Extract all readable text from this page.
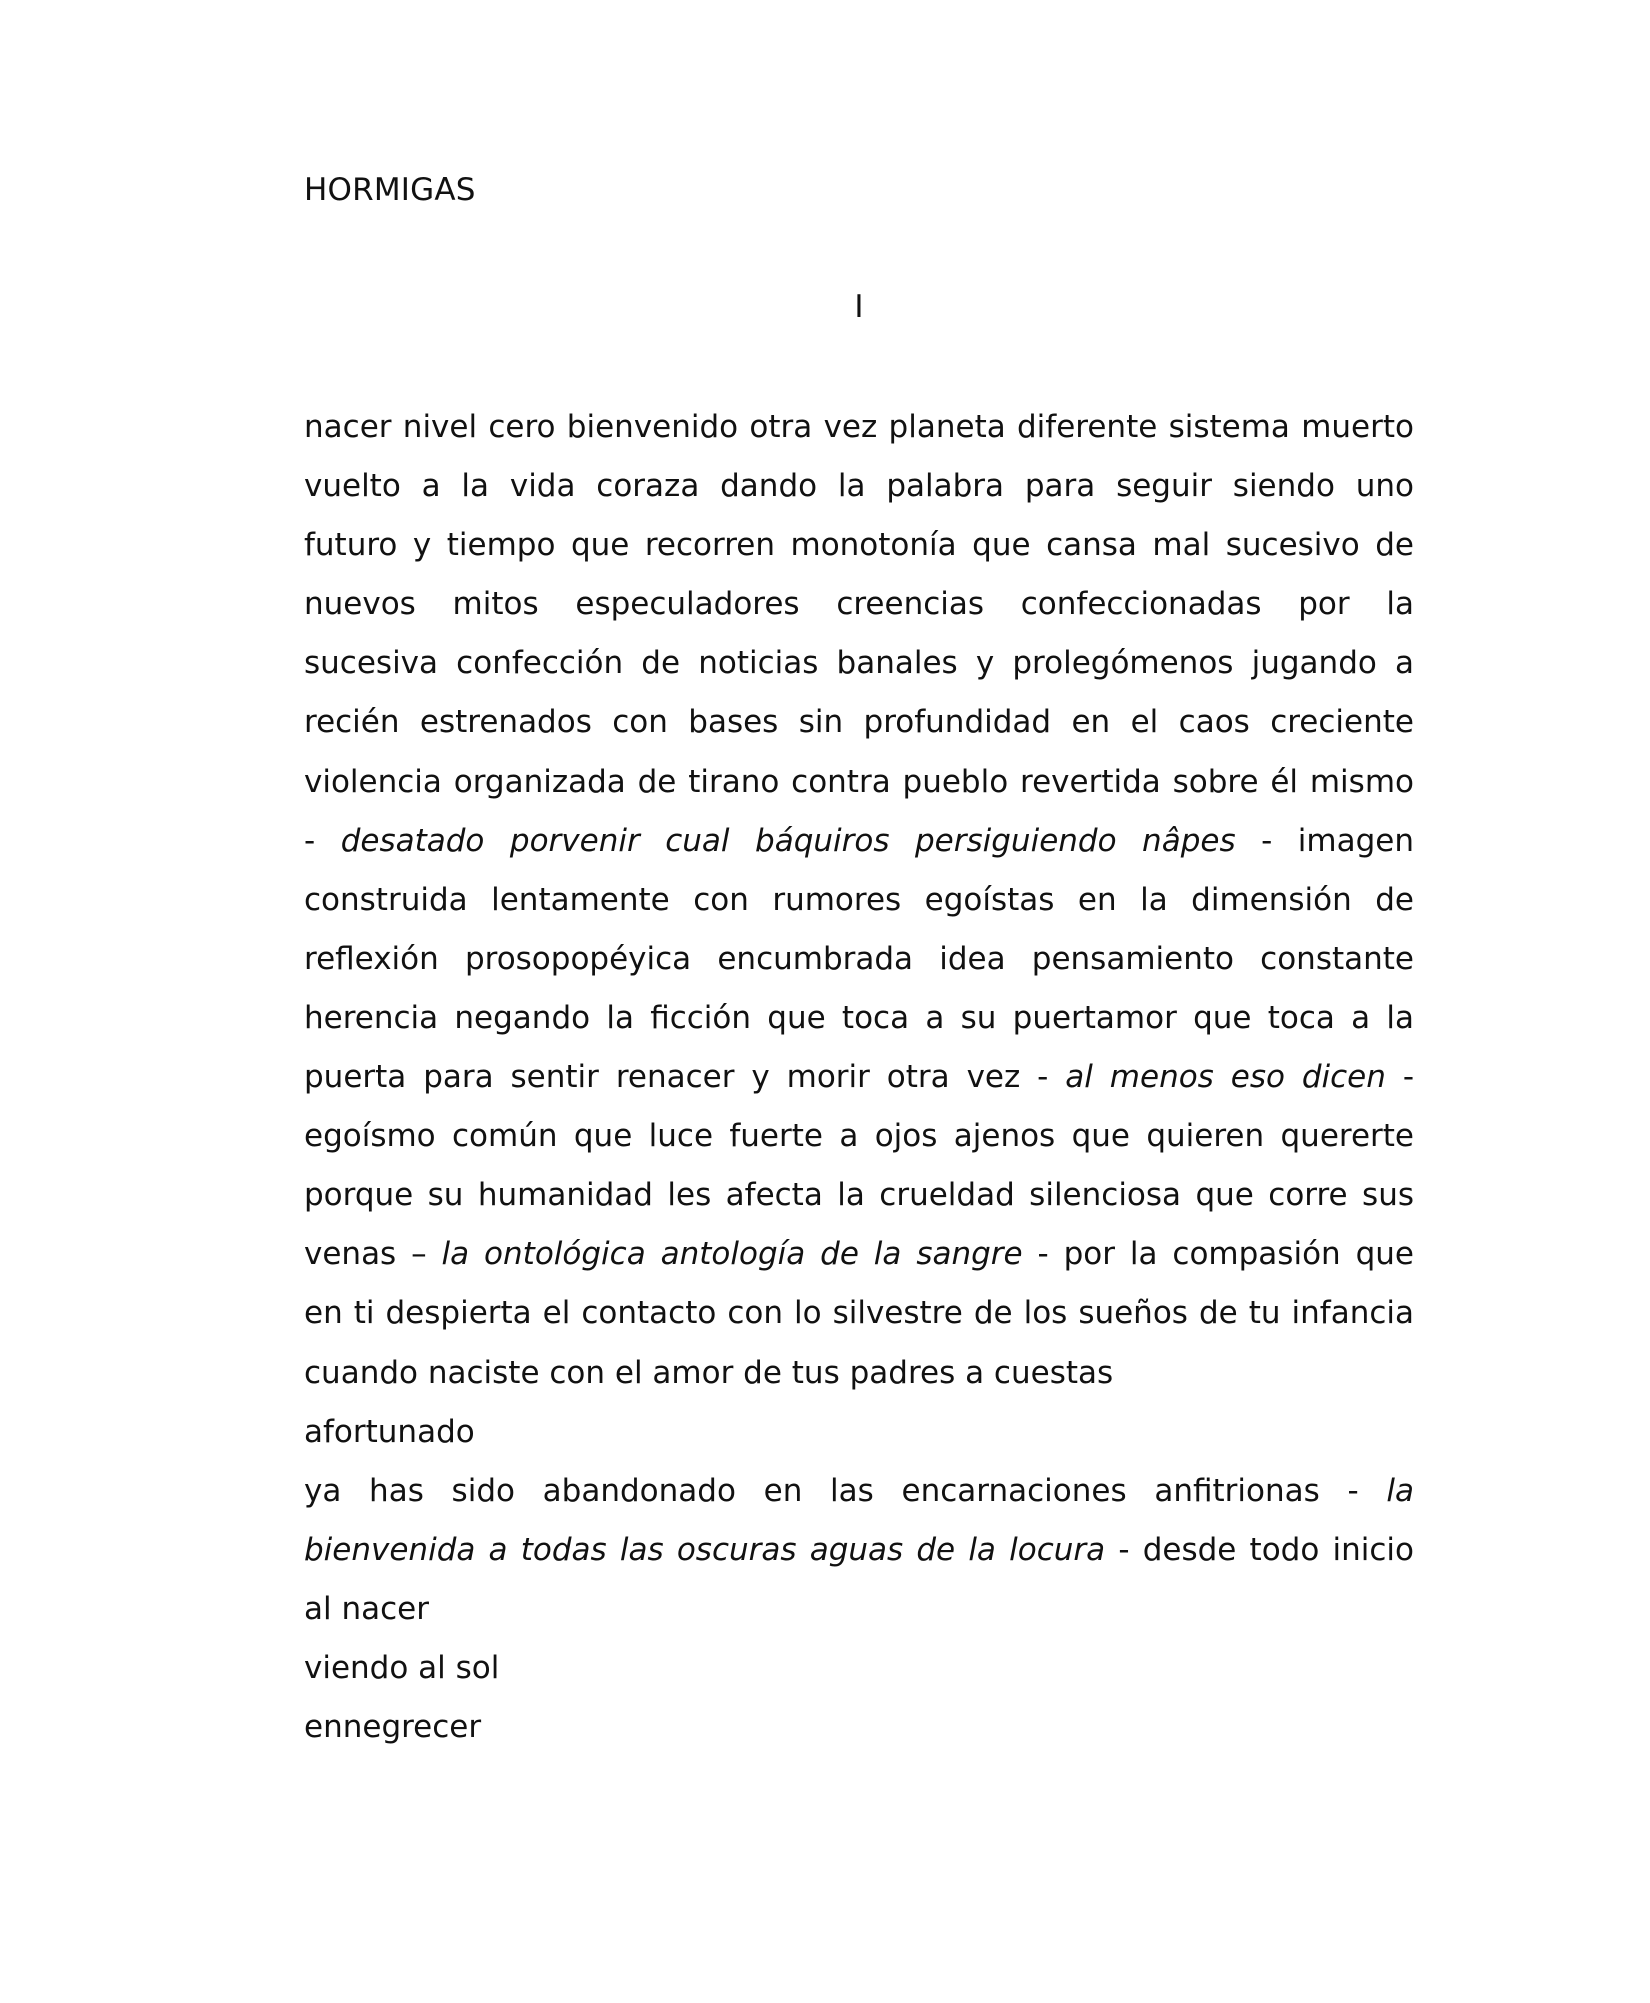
HORMIGAS
I
nacer nivel cero bienvenido otra vez planeta diferente sistema muerto
vuelto a la vida coraza dando la palabra para seguir siendo uno
futuro y tiempo que recorren monotonía que cansa mal sucesivo de
nuevos mitos especuladores creencias confeccionadas por la
sucesiva confección de noticias banales y prolegómenos jugando a
recién estrenados con bases sin profundidad en el caos creciente
violencia organizada de tirano contra pueblo revertida sobre él mismo
- desatado porvenir cual báquiros persiguiendo nâpes - imagen
construida lentamente con rumores egoístas en la dimensión de
reflexión prosopopéyica encumbrada idea pensamiento constante
herencia negando la ficción que toca a su puertamor que toca a la
puerta para sentir renacer y morir otra vez - al menos eso dicen -
egoísmo común que luce fuerte a ojos ajenos que quieren quererte
porque su humanidad les afecta la crueldad silenciosa que corre sus
venas – la ontológica antología de la sangre - por la compasión que
en ti despierta el contacto con lo silvestre de los sueños de tu infancia
cuando naciste con el amor de tus padres a cuestas
afortunado
ya has sido abandonado en las encarnaciones anfitrionas - la
bienvenida a todas las oscuras aguas de la locura - desde todo inicio
al nacer
viendo al sol
ennegrecer
